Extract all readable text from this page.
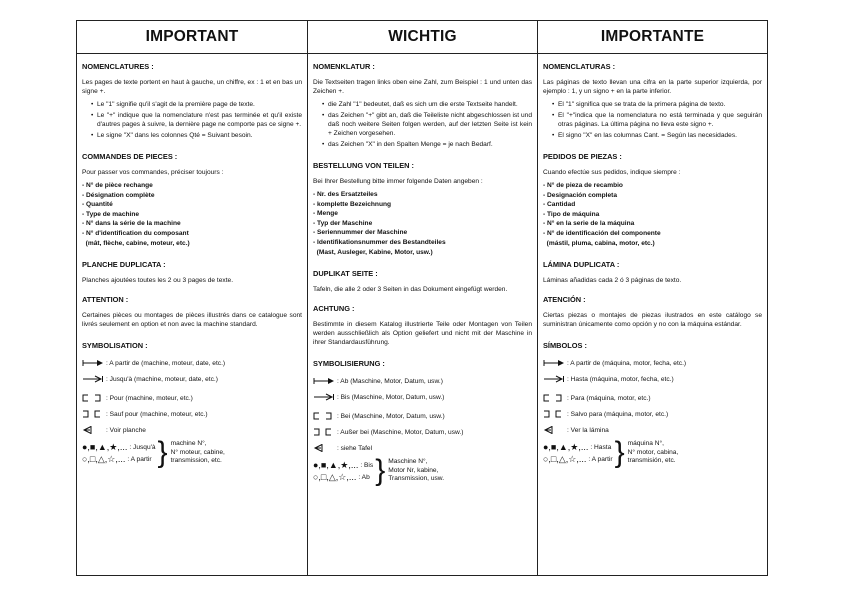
IMPORTANT
NOMENCLATURES :

Les pages de texte portent en haut à gauche, un chiffre, ex : 1 et en bas un signe +.

• Le "1" signifie qu'il s'agit de la première page de texte.
• Le "+" indique que la nomenclature n'est pas terminée et qu'il existe d'autres pages à suivre, la dernière page ne comporte pas ce signe +.
• Le signe "X" dans les colonnes Qté = Suivant besoin.
COMMANDES DE PIECES :

Pour passer vos commandes, préciser toujours :

- N° de pièce rechange
- Désignation complète
- Quantité
- Type de machine
- N° dans la série de la machine
- N° d'identification du composant
(mât, flèche, cabine, moteur, etc.)
PLANCHE DUPLICATA :

Planches ajoutées toutes les 2 ou 3 pages de texte.

ATTENTION :

Certaines pièces ou montages de pièces illustrés dans ce catalogue sont livrés seulement en option et non avec la machine standard.

SYMBOLISATION :
: A partir de (machine, moteur, date, etc.)
: Jusqu'à (machine, moteur, date, etc.)
: Pour (machine, moteur, etc.)
: Sauf pour (machine, moteur, etc.)
: Voir planche
●,■,▲,★,... : Jusqu'à
○,□,△,☆,... : A partir } machine N°,
N° moteur, cabine,
transmission, etc.
WICHTIG
NOMENKLATUR :

Die Textseiten tragen links oben eine Zahl, zum Beispiel : 1 und unten das Zeichen +.

• die Zahl "1" bedeutet, daß es sich um die erste Textseite handelt.
• das Zeichen "+" gibt an, daß die Teileliste nicht abgeschlossen ist und daß noch weitere Seiten folgen werden, auf der letzten Seite ist kein + Zeichen vorgesehen.
• das Zeichen "X" in den Spalten Menge = je nach Bedarf.
BESTELLUNG VON TEILEN :

Bei Ihrer Bestellung bitte immer folgende Daten angeben :

- Nr. des Ersatzteiles
- komplette Bezeichnung
- Menge
- Typ der Maschine
- Seriennummer der Maschine
- Identifikationsnummer des Bestandteiles
(Mast, Ausleger, Kabine, Motor, usw.)
DUPLIKAT SEITE :

Tafeln, die alle 2 oder 3 Seiten in das Dokument eingefügt werden.

ACHTUNG :

Bestimmte in diesem Katalog illustrierte Teile oder Montagen von Teilen werden ausschließlich als Option geliefert und nicht mit der Maschine in ihrer Standardausführung.

SYMBOLISIERUNG :
: Ab (Maschine, Motor, Datum, usw.)
: Bis (Maschine, Motor, Datum, usw.)
: Bei (Maschine, Motor, Datum, usw.)
: Außer bei (Maschine, Motor, Datum, usw.)
: siehe Tafel
●,■,▲,★,... : Bis
○,□,△,☆,... : Ab } Maschine N°,
Motor Nr, kabine,
Transmission, usw.
IMPORTANTE
NOMENCLATURAS :

Las páginas de texto llevan una cifra en la parte superior izquierda, por ejemplo : 1, y un signo + en la parte inferior.

• El "1" significa que se trata de la primera página de texto.
• El "+"indica que la nomenclatura no está terminada y que seguirán otras páginas. La última página no lleva este signo +.
• El signo "X" en las columnas Cant. = Según las necesidades.
PEDIDOS DE PIEZAS :

Cuando efectúe sus pedidos, indique siempre :

- N° de pieza de recambio
- Designación completa
- Cantidad
- Tipo de máquina
- N° en la serie de la máquina
- N° de identificación del componente
(mástil, pluma, cabina, motor, etc.)
LÁMINA DUPLICATA :

Láminas añadidas cada 2 ó 3 páginas de texto.

ATENCIÓN :

Ciertas piezas o montajes de piezas ilustrados en este catálogo se suministran únicamente como opción y no con la máquina estándar.

SÍMBOLOS :
: A partir de (máquina, motor, fecha, etc.)
: Hasta (máquina, motor, fecha, etc.)
: Para (máquina, motor, etc.)
: Salvo para (máquina, motor, etc.)
: Ver la lámina
●,■,▲,★,... : Hasta
○,□,△,☆,... : A partir } máquina N°,
N° motor, cabina,
transmisión, etc.
